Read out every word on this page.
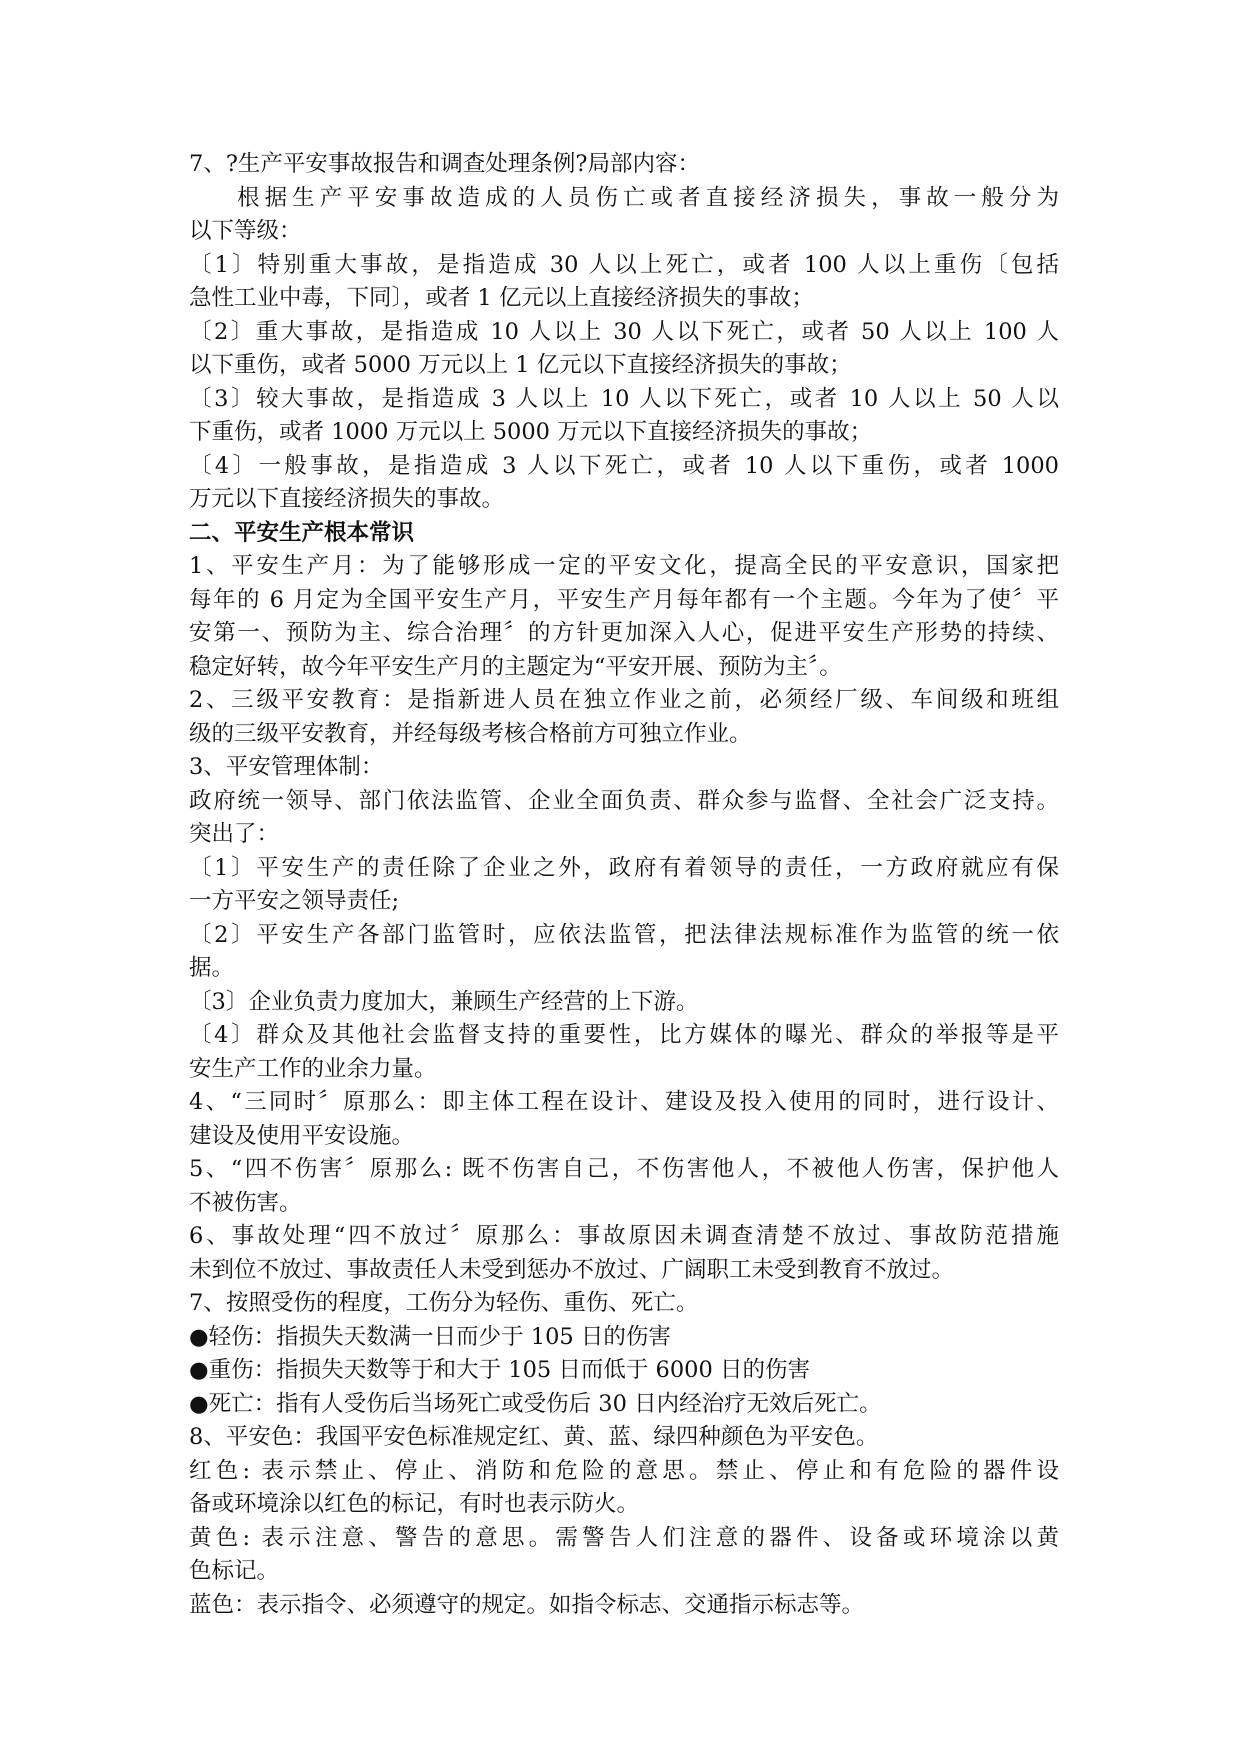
7、?生产平安事故报告和调查处理条例?局部内容：

根据生产平安事故造成的人员伤亡或者直接经济损失，事故一般分为

以下等级：

〔1〕特别重大事故，是指造成 30 人以上死亡，或者 100 人以上重伤〔包括

急性工业中毒，下同〕，或者 1 亿元以上直接经济损失的事故；

〔2〕重大事故，是指造成 10 人以上 30 人以下死亡，或者 50 人以上 100 人

以下重伤，或者 5000 万元以上 1 亿元以下直接经济损失的事故；

〔3〕较大事故，是指造成 3 人以上 10 人以下死亡，或者 10 人以上 50 人以

下重伤，或者 1000 万元以上 5000 万元以下直接经济损失的事故；

〔4〕一般事故，是指造成 3 人以下死亡，或者 10 人以下重伤，或者 1000

万元以下直接经济损失的事故。

二、平安生产根本常识

1、平安生产月：为了能够形成一定的平安文化，提高全民的平安意识，国家把

每年的 6 月定为全国平安生产月，平安生产月每年都有一个主题。今年为了使〞平

安第一、预防为主、综合治理〞的方针更加深入人心，促进平安生产形势的持续、

稳定好转，故今年平安生产月的主题定为“平安开展、预防为主〞。

2、三级平安教育：是指新进人员在独立作业之前，必须经厂级、车间级和班组

级的三级平安教育，并经每级考核合格前方可独立作业。

3、平安管理体制：

政府统一领导、部门依法监管、企业全面负责、群众参与监督、全社会广泛支持。

突出了：

〔1〕平安生产的责任除了企业之外，政府有着领导的责任，一方政府就应有保

一方平安之领导责任;

〔2〕平安生产各部门监管时，应依法监管，把法律法规标准作为监管的统一依

据。

〔3〕企业负责力度加大，兼顾生产经营的上下游。

〔4〕群众及其他社会监督支持的重要性，比方媒体的曝光、群众的举报等是平

安生产工作的业余力量。

4、“三同时〞原那么：即主体工程在设计、建设及投入使用的同时，进行设计、

建设及使用平安设施。

5、“四不伤害〞原那么: 既不伤害自己，不伤害他人，不被他人伤害，保护他人

不被伤害。

6、事故处理“四不放过〞原那么：事故原因未调查清楚不放过、事故防范措施

未到位不放过、事故责任人未受到惩办不放过、广阔职工未受到教育不放过。

7、按照受伤的程度，工伤分为轻伤、重伤、死亡。

●轻伤：指损失天数满一日而少于 105 日的伤害

●重伤：指损失天数等于和大于 105 日而低于 6000 日的伤害

●死亡：指有人受伤后当场死亡或受伤后 30 日内经治疗无效后死亡。

8、平安色：我国平安色标准规定红、黄、蓝、绿四种颜色为平安色。

红色: 表示禁止、停止、消防和危险的意思。禁止、停止和有危险的器件设

备或环境涂以红色的标记，有时也表示防火。

黄色: 表示注意、警告的意思。需警告人们注意的器件、设备或环境涂以黄

色标记。

蓝色：表示指令、必须遵守的规定。如指令标志、交通指示标志等。
